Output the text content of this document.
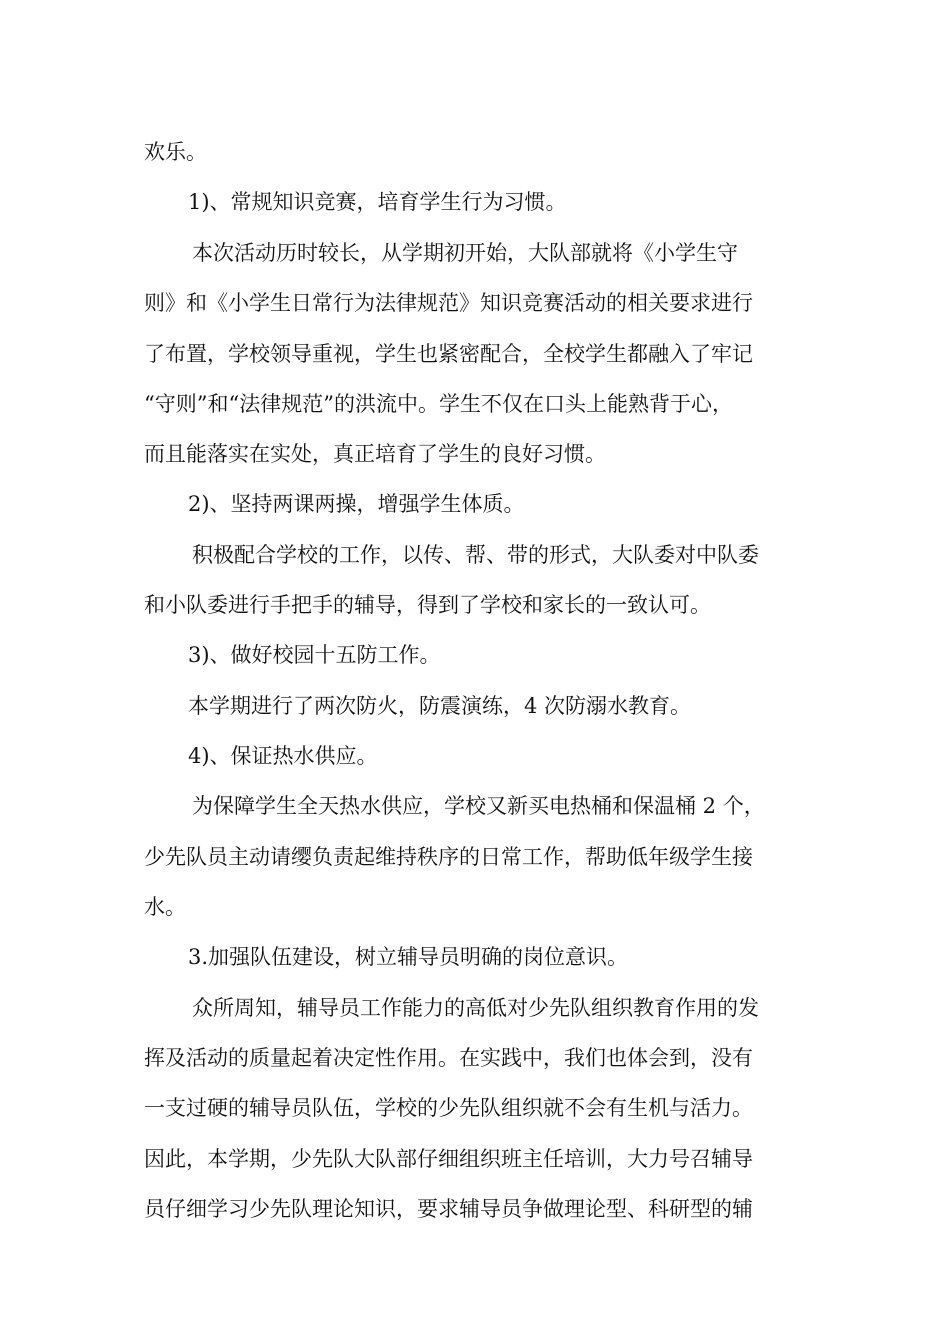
欢乐。
1)、常规知识竞赛，培育学生行为习惯。
本次活动历时较长，从学期初开始，大队部就将《小学生守
则》和《小学生日常行为法律规范》知识竞赛活动的相关要求进行
了布置，学校领导重视，学生也紧密配合，全校学生都融入了牢记
“守则”和“法律规范”的洪流中。学生不仅在口头上能熟背于心，
而且能落实在实处，真正培育了学生的良好习惯。
2)、坚持两课两操，增强学生体质。
积极配合学校的工作，以传、帮、带的形式，大队委对中队委
和小队委进行手把手的辅导，得到了学校和家长的一致认可。
3)、做好校园十五防工作。
本学期进行了两次防火，防震演练，4 次防溺水教育。
4)、保证热水供应。
为保障学生全天热水供应，学校又新买电热桶和保温桶 2 个，
少先队员主动请缨负责起维持秩序的日常工作，帮助低年级学生接
水。
3.加强队伍建设，树立辅导员明确的岗位意识。
众所周知，辅导员工作能力的高低对少先队组织教育作用的发
挥及活动的质量起着决定性作用。在实践中，我们也体会到，没有
一支过硬的辅导员队伍，学校的少先队组织就不会有生机与活力。
因此，本学期，少先队大队部仔细组织班主任培训，大力号召辅导
员仔细学习少先队理论知识，要求辅导员争做理论型、科研型的辅
